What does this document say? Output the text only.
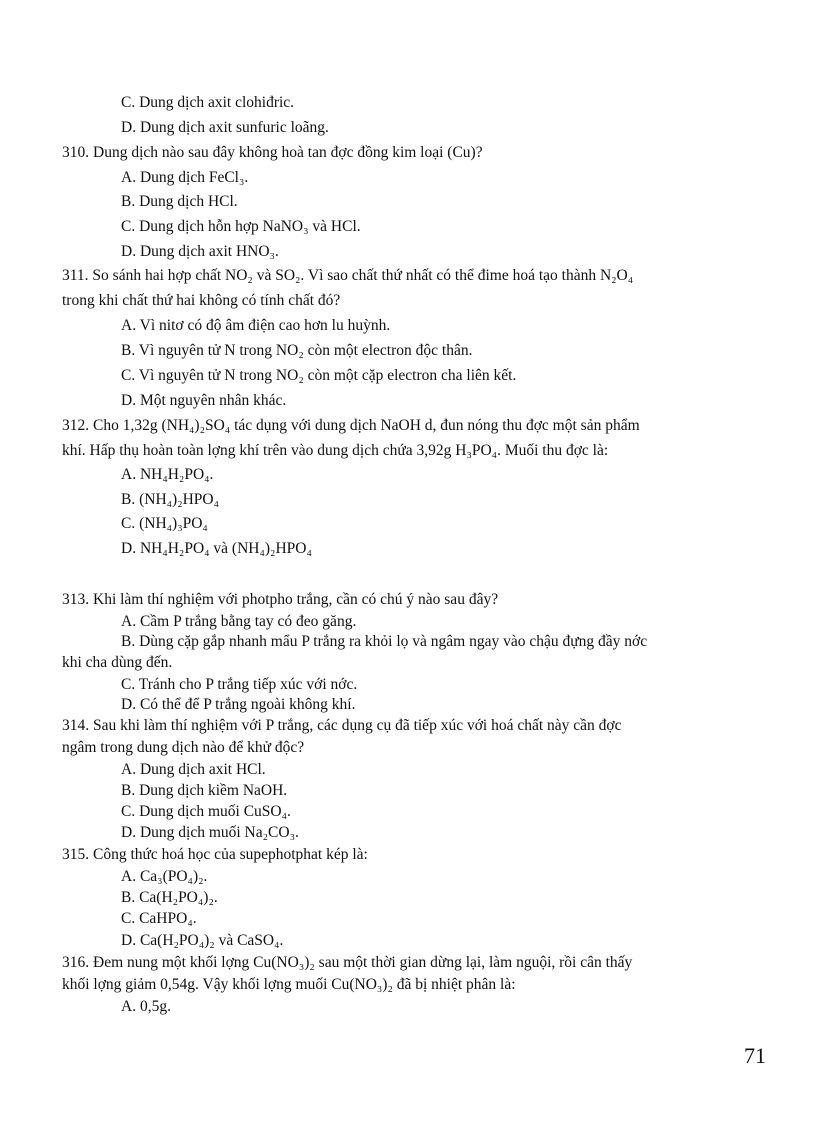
C. Dung dịch axit clohiđric.
D. Dung dịch axit sunfuric loãng.
310. Dung dịch nào sau đây không hoà tan đợc đồng kim loại (Cu)?
A. Dung dịch FeCl₃.
B. Dung dịch HCl.
C. Dung dịch hỗn hợp NaNO₃ và HCl.
D. Dung dịch axit HNO₃.
311. So sánh hai hợp chất NO₂ và SO₂. Vì sao chất thứ nhất có thể đime hoá tạo thành N₂O₄
trong khi chất thứ hai không có tính chất đó?
A. Vì nitơ có độ âm điện cao hơn lu huỳnh.
B. Vì nguyên tử N trong NO₂ còn một electron độc thân.
C. Vì nguyên tử N trong NO₂ còn một cặp electron cha liên kết.
D. Một nguyên nhân khác.
312. Cho 1,32g (NH₄)₂SO₄ tác dụng với dung dịch NaOH d, đun nóng thu đợc một sản phẩm
khí. Hấp thụ hoàn toàn lợng khí trên vào dung dịch chứa 3,92g H₃PO₄. Muối thu đợc là:
A. NH₄H₂PO₄.
B. (NH₄)₂HPO₄
C. (NH₄)₃PO₄
D. NH₄H₂PO₄ và (NH₄)₂HPO₄
313. Khi làm thí nghiệm với photpho trắng, cần có chú ý nào sau đây?
A. Cầm P trắng bằng tay có đeo găng.
B. Dùng cặp gắp nhanh mẩu P trắng ra khỏi lọ và ngâm ngay vào chậu đựng đầy nớc
khi cha dùng đến.
C. Tránh cho P trắng tiếp xúc với nớc.
D. Có thể để P trắng ngoài không khí.
314. Sau khi làm thí nghiệm với P trắng, các dụng cụ đã tiếp xúc với hoá chất này cần đợc
ngâm trong dung dịch nào để khử độc?
A. Dung dịch axit HCl.
B. Dung dịch kiềm NaOH.
C. Dung dịch muối CuSO₄.
D. Dung dịch muối Na₂CO₃.
315. Công thức hoá học của supephotphat kép là:
A. Ca₃(PO₄)₂.
B. Ca(H₂PO₄)₂.
C. CaHPO₄.
D. Ca(H₂PO₄)₂ và CaSO₄.
316. Đem nung một khối lợng Cu(NO₃)₂ sau một thời gian dừng lại, làm nguội, rồi cân thấy
khối lợng giảm 0,54g. Vậy khối lợng muối Cu(NO₃)₂ đã bị nhiệt phân là:
A. 0,5g.
71
